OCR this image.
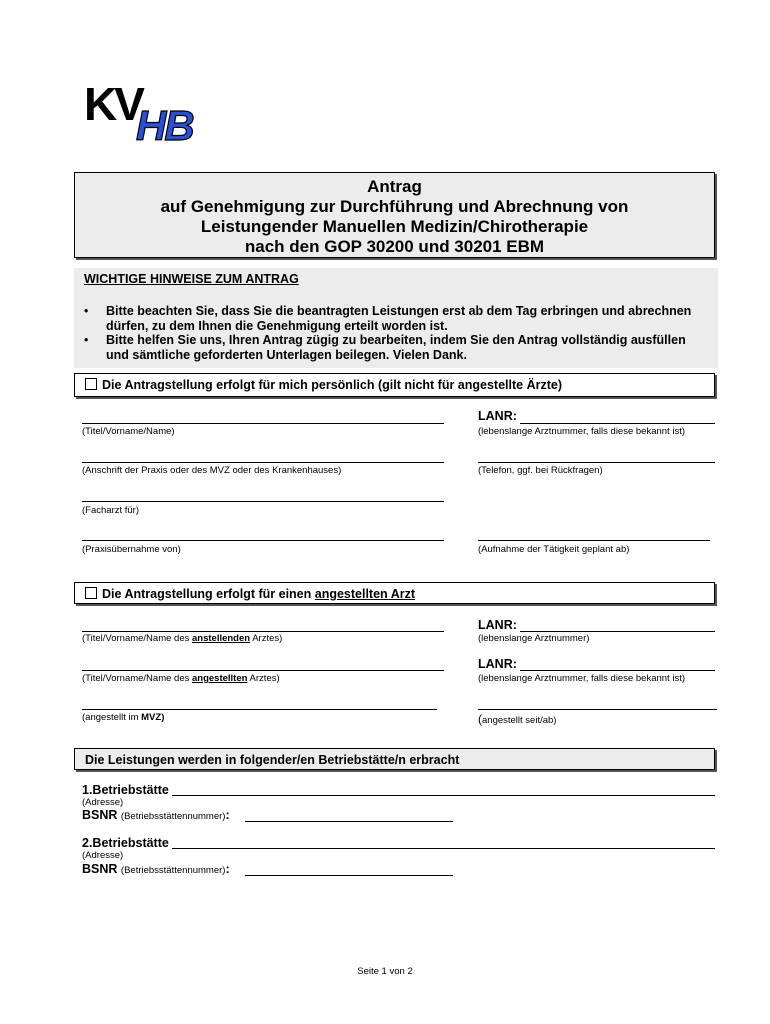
KV
HB
Antrag
auf Genehmigung zur Durchführung und Abrechnung von
Leistungender Manuellen Medizin/Chirotherapie
nach den GOP 30200 und 30201 EBM
WICHTIGE HINWEISE ZUM ANTRAG
• Bitte beachten Sie, dass Sie die beantragten Leistungen erst ab dem Tag erbringen und abrechnen
dürfen, zu dem Ihnen die Genehmigung erteilt worden ist.
• Bitte helfen Sie uns, Ihren Antrag zügig zu bearbeiten, indem Sie den Antrag vollständig ausfüllen
und sämtliche geforderten Unterlagen beilegen. Vielen Dank.
Die Antragstellung erfolgt für mich persönlich (gilt nicht für angestellte Ärzte)
LANR:
(Titel/Vorname/Name)	(lebenslange Arztnummer, falls diese bekannt ist)
(Anschrift der Praxis oder des MVZ oder des Krankenhauses)	(Telefon, ggf. bei Rückfragen)
(Facharzt für)
(Praxisübernahme von)	(Aufnahme der Tätigkeit geplant ab)
Die Antragstellung erfolgt für einen angestellten Arzt
LANR:
(Titel/Vorname/Name des anstellenden Arztes)	(lebenslange Arztnummer)
LANR:
(Titel/Vorname/Name des angestellten Arztes)	(lebenslange Arztnummer, falls diese bekannt ist)
(angestellt im MVZ)	(angestellt seit/ab)
Die Leistungen werden in folgender/en Betriebstätte/n erbracht
1.Betriebstätte
(Adresse)
BSNR (Betriebsstättennummer):
2.Betriebstätte
(Adresse)
BSNR (Betriebsstättennummer):
Seite 1 von 2
